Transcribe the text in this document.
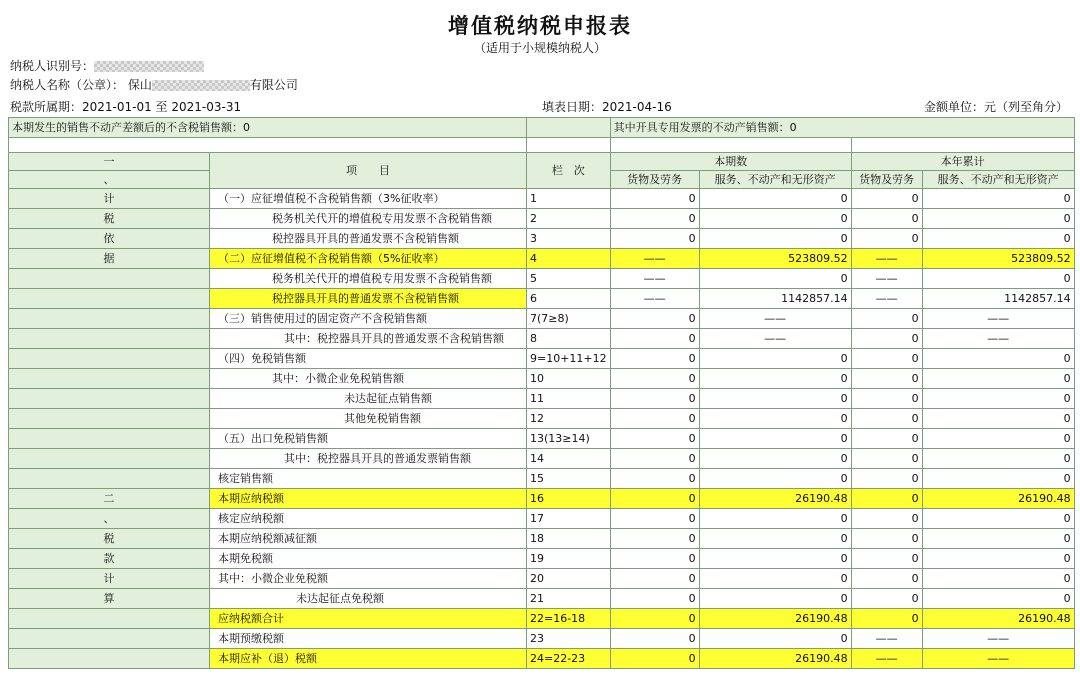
增值税纳税申报表
（适用于小规模纳税人）
纳税人识别号：
纳税人名称（公章）： 保山	有限公司
税款所属期：2021-01-01 至 2021-03-31	填表日期：2021-04-16	金额单位：元（列至角分）
本期发生的销售不动产差额后的不含税销售额：0			其中开具专用发票的不动产销售额：0			

一	项　　目	栏　次	本期数		本年累计	
、			货物及劳务	服务、不动产和无形资产	货物及劳务	服务、不动产和无形资产
计	（一）应征增值税不含税销售额（3%征收率）	1	0	0	0	0
税	税务机关代开的增值税专用发票不含税销售额	2	0	0	0	0
依	税控器具开具的普通发票不含税销售额	3	0	0	0	0
据	（二）应征增值税不含税销售额（5%征收率）	4	——	523809.52	——	523809.52
	税务机关代开的增值税专用发票不含税销售额	5	——	0	——	0
	税控器具开具的普通发票不含税销售额	6	——	1142857.14	——	1142857.14
	（三）销售使用过的固定资产不含税销售额	7(7≥8)	0	——	0	——
	其中：税控器具开具的普通发票不含税销售额	8	0	——	0	——
	（四）免税销售额	9=10+11+12	0	0	0	0
	其中：小微企业免税销售额	10	0	0	0	0
	未达起征点销售额	11	0	0	0	0
	其他免税销售额	12	0	0	0	0
	（五）出口免税销售额	13(13≥14)	0	0	0	0
	其中：税控器具开具的普通发票销售额	14	0	0	0	0
	核定销售额	15	0	0	0	0
二	本期应纳税额	16	0	26190.48	0	26190.48
、	核定应纳税额	17	0	0	0	0
税	本期应纳税额减征额	18	0	0	0	0
款	本期免税额	19	0	0	0	0
计	其中：小微企业免税额	20	0	0	0	0
算	未达起征点免税额	21	0	0	0	0
	应纳税额合计	22=16-18	0	26190.48	0	26190.48
	本期预缴税额	23	0	0	——	——
	本期应补（退）税额	24=22-23	0	26190.48	——	——
